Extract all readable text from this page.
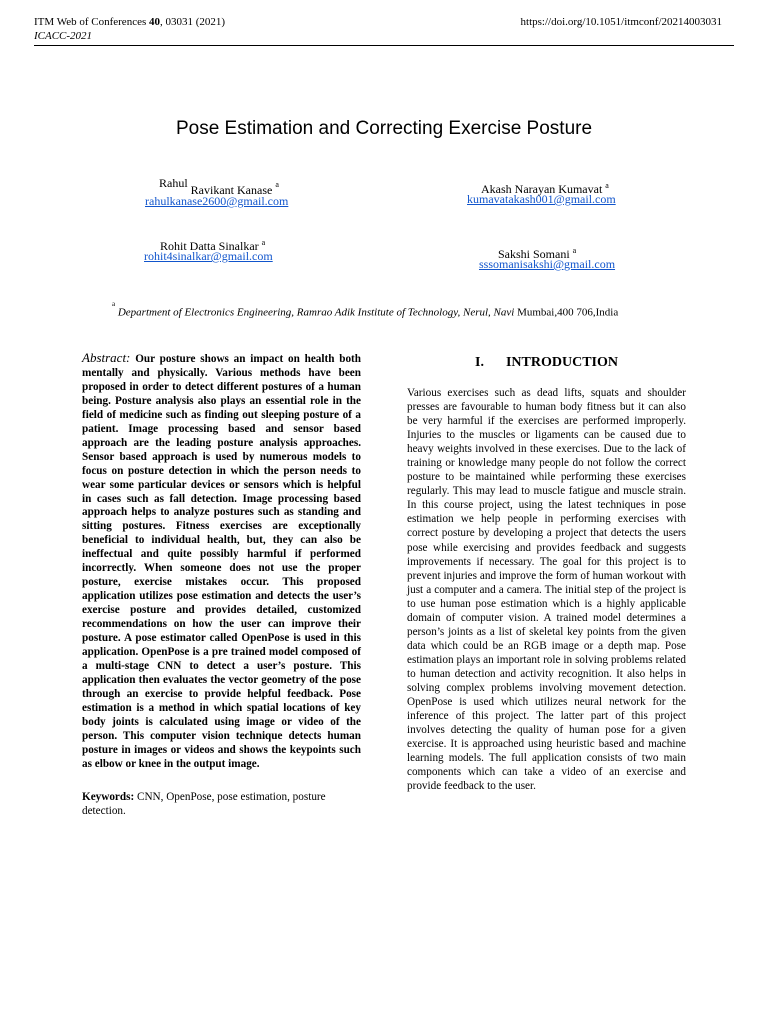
ITM Web of Conferences 40, 03031 (2021)
ICACC-2021
https://doi.org/10.1051/itmconf/20214003031
Pose Estimation and Correcting Exercise Posture
Rahul Ravikant Kanase $^a$
rahulkanase2600@gmail.com
Akash Narayan Kumavat $^a$
kumavatakash001@gmail.com
Rohit Datta Sinalkar $^a$
rohit4sinalkar@gmail.com	Sakshi Somani $^a$
sssomanisakshi@gmail.com
$^a$ Department of Electronics Engineering, Ramrao Adik Institute of Technology, Nerul, Navi Mumbai,400 706,India

Abstract: Our posture shows an impact on health both mentally and physically. Various methods have been proposed in order to detect different postures of a human being. Posture analysis also plays an essential role in the field of medicine such as finding out sleeping posture of a patient. Image processing based and sensor based approach are the leading posture analysis approaches. Sensor based approach is used by numerous models to focus on posture detection in which the person needs to wear some particular devices or sensors which is helpful in cases such as fall detection. Image processing based approach helps to analyze postures such as standing and sitting postures. Fitness exercises are exceptionally beneficial to individual health, but, they can also be ineffectual and quite possibly harmful if performed incorrectly. When someone does not use the proper posture, exercise mistakes occur. This proposed application utilizes pose estimation and detects the user’s exercise posture and provides detailed, customized recommendations on how the user can improve their posture. A pose estimator called OpenPose is used in this application. OpenPose is a pre trained model composed of a multi-stage CNN to detect a user’s posture. This application then evaluates the vector geometry of the pose through an exercise to provide helpful feedback. Pose estimation is a method in which spatial locations of key body joints is calculated using image or video of the person. This computer vision technique detects human posture in images or videos and shows the keypoints such as elbow or knee in the output image.

Keywords: CNN, OpenPose, pose estimation, posture detection.
I. INTRODUCTION

Various exercises such as dead lifts, squats and shoulder presses are favourable to human body fitness but it can also be very harmful if the exercises are performed improperly. Injuries to the muscles or ligaments can be caused due to heavy weights involved in these exercises. Due to the lack of training or knowledge many people do not follow the correct posture to be maintained while performing these exercises regularly. This may lead to muscle fatigue and muscle strain. In this course project, using the latest techniques in pose estimation we help people in performing exercises with correct posture by developing a project that detects the users pose while exercising and provides feedback and suggests improvements if necessary. The goal for this project is to prevent injuries and improve the form of human workout with just a computer and a camera. The initial step of the project is to use human pose estimation which is a highly applicable domain of computer vision. A trained model determines a person’s joints as a list of skeletal key points from the given data which could be an RGB image or a depth map. Pose estimation plays an important role in solving problems related to human detection and activity recognition. It also helps in solving complex problems involving movement detection. OpenPose is used which utilizes neural network for the inference of this project. The latter part of this project involves detecting the quality of human pose for a given exercise. It is approached using heuristic based and machine learning models. The full application consists of two main components which can take a video of an exercise and provide feedback to the user.
